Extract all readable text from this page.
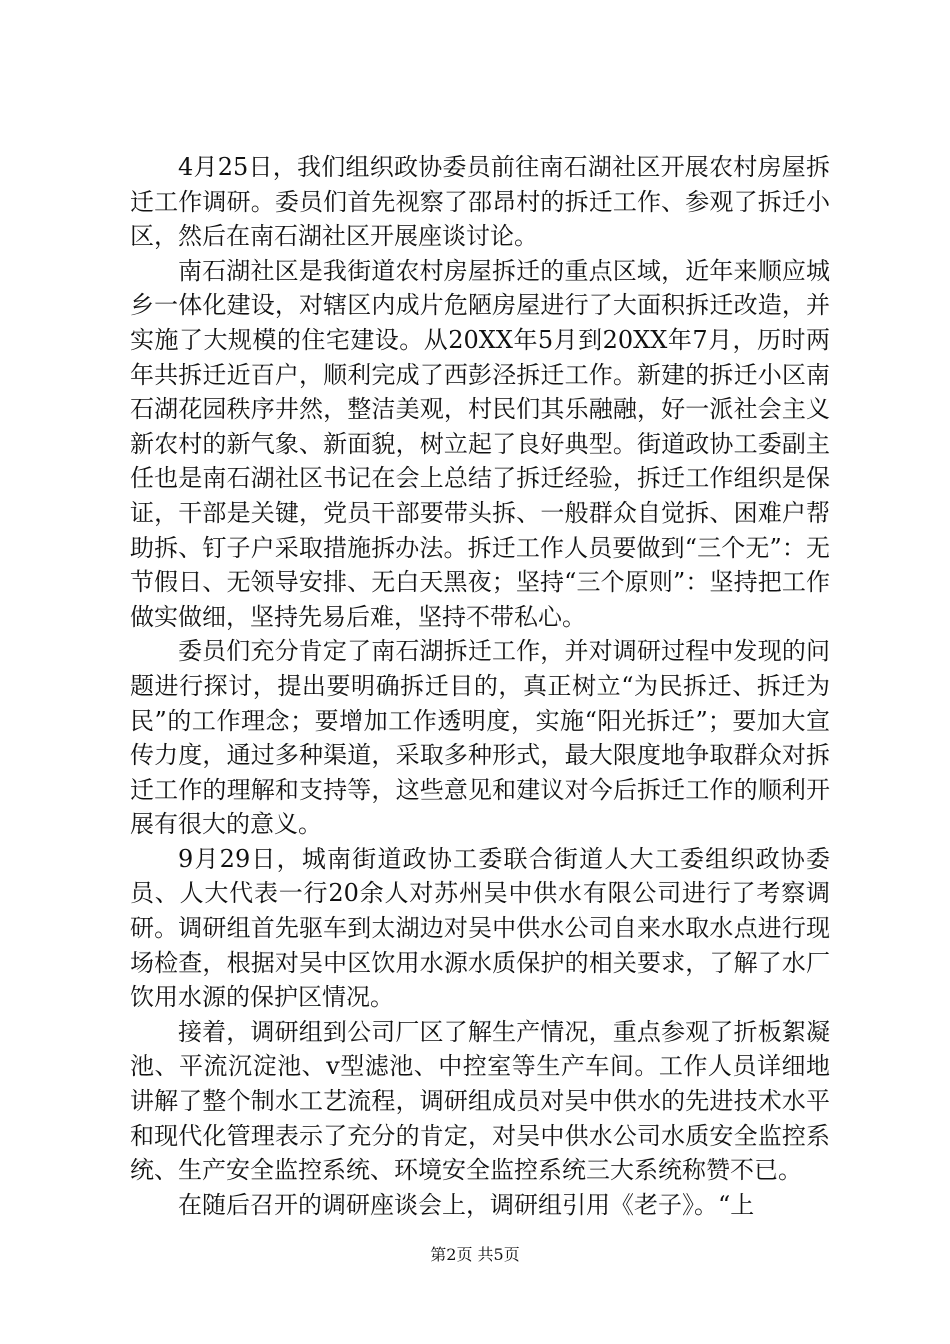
4月25日，我们组织政协委员前往南石湖社区开展农村房屋拆迁工作调研。委员们首先视察了邵昂村的拆迁工作、参观了拆迁小区，然后在南石湖社区开展座谈讨论。

南石湖社区是我街道农村房屋拆迁的重点区域，近年来顺应城乡一体化建设，对辖区内成片危陋房屋进行了大面积拆迁改造，并实施了大规模的住宅建设。从20XX年5月到20XX年7月，历时两年共拆迁近百户，顺利完成了西彭泾拆迁工作。新建的拆迁小区南石湖花园秩序井然，整洁美观，村民们其乐融融，好一派社会主义新农村的新气象、新面貌，树立起了良好典型。街道政协工委副主任也是南石湖社区书记在会上总结了拆迁经验，拆迁工作组织是保证，干部是关键，党员干部要带头拆、一般群众自觉拆、困难户帮助拆、钉子户采取措施拆办法。拆迁工作人员要做到“三个无”：无节假日、无领导安排、无白天黑夜；坚持“三个原则”：坚持把工作做实做细，坚持先易后难，坚持不带私心。

委员们充分肯定了南石湖拆迁工作，并对调研过程中发现的问题进行探讨，提出要明确拆迁目的，真正树立“为民拆迁、拆迁为民”的工作理念；要增加工作透明度，实施“阳光拆迁”；要加大宣传力度，通过多种渠道，采取多种形式，最大限度地争取群众对拆迁工作的理解和支持等，这些意见和建议对今后拆迁工作的顺利开展有很大的意义。

9月29日，城南街道政协工委联合街道人大工委组织政协委员、人大代表一行20余人对苏州吴中供水有限公司进行了考察调研。调研组首先驱车到太湖边对吴中供水公司自来水取水点进行现场检查，根据对吴中区饮用水源水质保护的相关要求，了解了水厂饮用水源的保护区情况。

接着，调研组到公司厂区了解生产情况，重点参观了折板絮凝池、平流沉淀池、v型滤池、中控室等生产车间。工作人员详细地讲解了整个制水工艺流程，调研组成员对吴中供水的先进技术水平和现代化管理表示了充分的肯定，对吴中供水公司水质安全监控系统、生产安全监控系统、环境安全监控系统三大系统称赞不已。

在随后召开的调研座谈会上，调研组引用《老子》。“上

第2页 共5页
